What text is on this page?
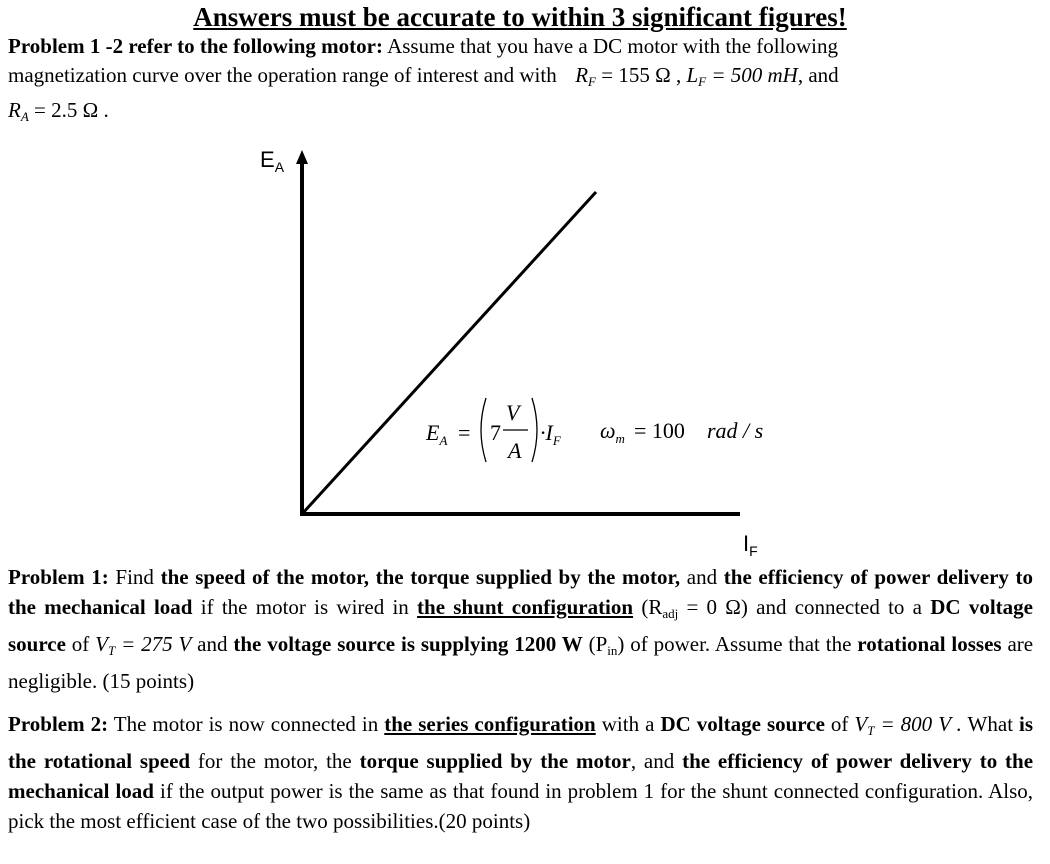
Answers must be accurate to within 3 significant figures!
Problem 1 -2 refer to the following motor: Assume that you have a DC motor with the following
magnetization curve over the operation range of interest and with $R_F = 155$ Ω , $L_F = 500$ mH, and
$R_A = 2.5$ Ω .
$E_A$
$I_F$
$E_A = 7$
V
A
$\cdot I_F$ $\omega_m = 100$ rad / s
Problem 1: Find the speed of the motor, the torque supplied by the motor, and the efficiency of power delivery to the mechanical load if the motor is wired in the shunt configuration (Radj = 0 Ω) and connected to a DC voltage source of $V_T = 275$ V and the voltage source is supplying 1200 W (Pin) of power. Assume that the rotational losses are negligible. (15 points)
Problem 2: The motor is now connected in the series configuration with a DC voltage source of $V_T = 800$ V . What is the rotational speed for the motor, the torque supplied by the motor, and the efficiency of power delivery to the mechanical load if the output power is the same as that found in problem 1 for the shunt connected configuration. Also, pick the most efficient case of the two possibilities.(20 points)
